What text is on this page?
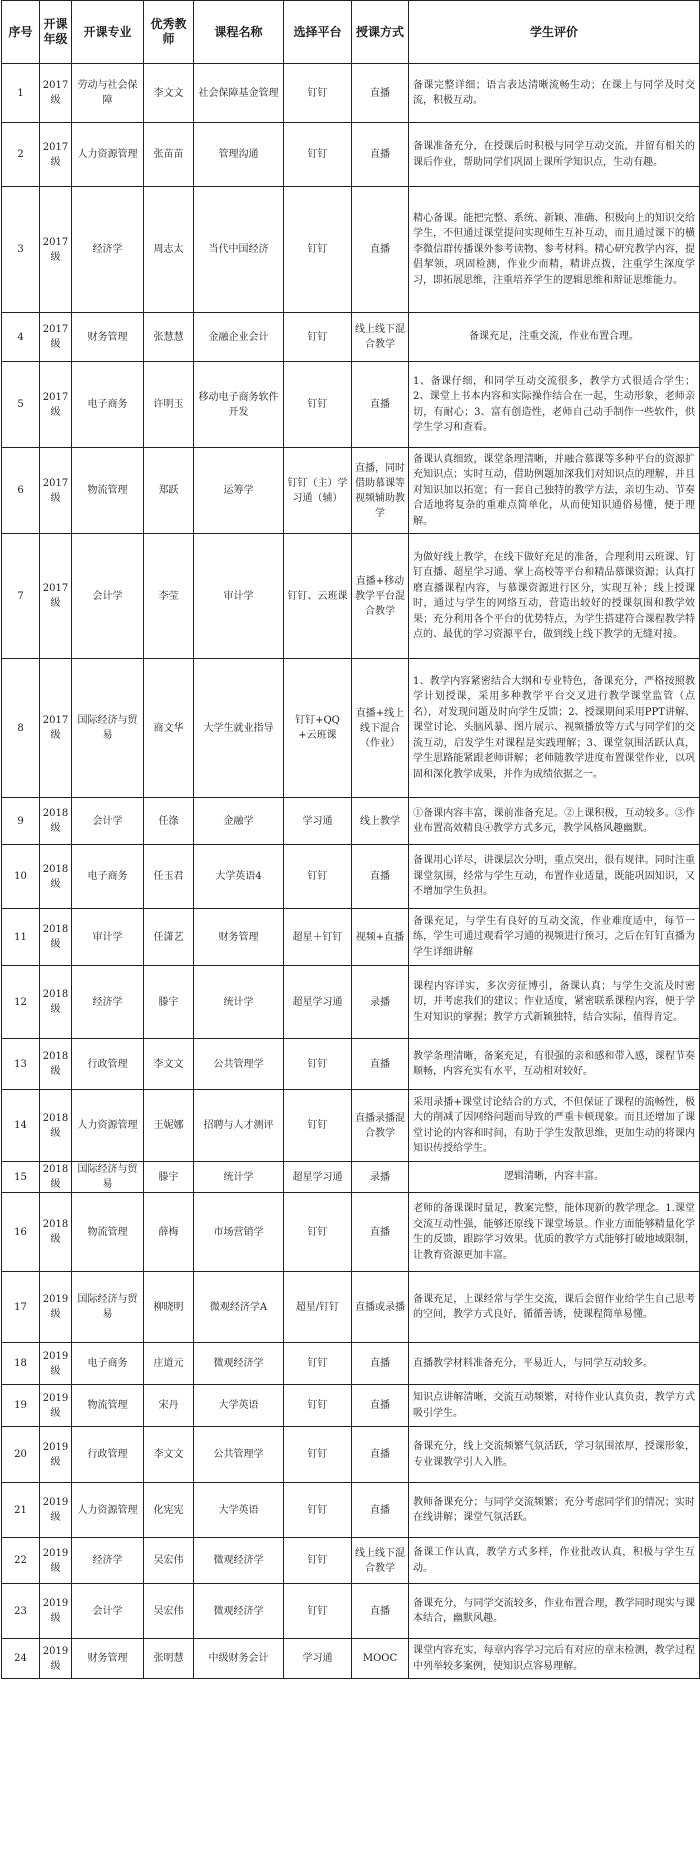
序号	开课年级	开课专业	优秀教师	课程名称	选择平台	授课方式	学生评价
1	2017级	劳动与社会保障	李文文	社会保障基金管理	钉钉	直播	备课完整详细；语言表达清晰流畅生动；在课上与同学及时交流，积极互动。
2	2017级	人力资源管理	张苗苗	管理沟通	钉钉	直播	备课准备充分，在授课后时积极与同学互动交流，并留有相关的课后作业，帮助同学们巩固上课所学知识点，生动有趣。
3	2017级	经济学	周志太	当代中国经济	钉钉	直播	精心备课。能把完整、系统、新颖、准确、积极向上的知识交给学生，不但通过课堂提问实现师生互补互动，而且通过课下的横李微信群传播课外参考读物、参考材料。精心研究教学内容，提倡挈领，巩固检测，作业少而精，精讲点拨，注重学生深度学习，即拓展思维，注重培养学生的逻辑思维和辩证思维能力。
4	2017级	财务管理	张慧慧	金融企业会计	钉钉	线上线下混合教学	备课充足，注重交流，作业布置合理。
5	2017级	电子商务	许明玉	移动电子商务软件开发	钉钉	直播	1、备课仔细，和同学互动交流很多，教学方式很适合学生；2、课堂上书本内容和实际操作结合在一起，生动形象，老师亲切，有耐心；3、富有创造性，老师自己动手制作一些软件，供学生学习和查看。
6	2017级	物流管理	郑跃	运筹学	钉钉（主）学习通（辅）	直播，同时借助慕课等视频辅助教学	备课认真细致，课堂条理清晰，并融合慕课等多种平台的资源扩充知识点；实时互动，借助例题加深我们对知识点的理解，并且对知识加以拓宽；有一套自己独特的教学方法，亲切生动、节奏合适地将复杂的重难点简单化，从而使知识通俗易懂，便于理解。
7	2017级	会计学	李莹	审计学	钉钉、云班课	直播+移动教学平台混合教学	为做好线上教学，在线下做好充足的准备，合理利用云班课、钉钉直播、超星学习通、掌上高校等平台和精品慕课资源；认真打磨直播课程内容，与慕课资源进行区分，实现互补；线上授课时，通过与学生的网络互动，营造出较好的授课氛围和教学效果；充分利用各个平台的优势特点，为学生搭建符合课程教学特点的、最优的学习资源平台，做到线上线下教学的无缝对接。
8	2017级	国际经济与贸易	商文华	大学生就业指导	钉钉+QQ+云班课	直播+线上线下混合（作业）	1、教学内容紧密结合大纲和专业特色，备课充分，严格按照教学计划授课，采用多种教学平台交叉进行教学课堂监管（点名），对发现问题及时向学生反馈；2、授课期间采用PPT讲解、课堂讨论、头脑风暴、图片展示、视频播放等方式与同学们的交流互动，启发学生对课程是实践理解；3、课堂氛围活跃认真，学生思路能紧跟老师讲解；老师随教学进度布置课堂作业，以巩固和深化教学成果，并作为成绩依据之一。
9	2018级	会计学	任涤	金融学	学习通	线上教学	①备课内容丰富，课前准备充足。②上课积极，互动较多。③作业布置高效精良④教学方式多元，教学风格风趣幽默。
10	2018级	电子商务	任玉君	大学英语4	钉钉	直播	备课用心详尽，讲课层次分明，重点突出，很有规律。同时注重课堂氛围，经常与学生互动，布置作业适量，既能巩固知识，又不增加学生负担。
11	2018级	审计学	任潇艺	财务管理	超星＋钉钉	视频+直播	备课充足，与学生有良好的互动交流，作业难度适中，每节一练，学生可通过观看学习通的视频进行预习，之后在钉钉直播为学生详细讲解
12	2018级	经济学	滕宇	统计学	超星学习通	录播	课程内容详实，多次旁征博引，备课认真；与学生交流及时密切，并考虑我们的建议；作业适度，紧密联系课程内容，便于学生对知识的掌握；教学方式新颖独特，结合实际，值得肯定。
13	2018级	行政管理	李文文	公共管理学	钉钉	直播	教学条理清晰，备案充足，有很强的亲和感和带入感，课程节奏顺畅，内容充实有水平，互动相对较好。
14	2018级	人力资源管理	王妮娜	招聘与人才测评	钉钉	直播录播混合教学	采用录播+课堂讨论结合的方式，不但保证了课程的流畅性，极大的削减了因网络问题而导致的严重卡顿现象。而且还增加了课堂讨论的内容和时间，有助于学生发散思维，更加生动的将课内知识传授给学生。
15	2018级	国际经济与贸易	滕宇	统计学	超星学习通	录播	逻辑清晰，内容丰富。
16	2018级	物流管理	薛梅	市场营销学	钉钉	直播	老师的备课课时量足，教案完整，能体现新的教学理念。1.课堂交流互动性强，能够还原线下课堂场景。作业方面能够精量化学生的反馈，跟踪学习效果。优质的教学方式能够打破地域限制，让教育资源更加丰富。
17	2019级	国际经济与贸易	柳晓明	微观经济学A	超星/钉钉	直播或录播	备课充足，上课经常与学生交流，课后会留作业给学生自己思考的空间，教学方式良好，循循善诱，使课程简单易懂。
18	2019级	电子商务	庄道元	微观经济学	钉钉	直播	直播教学材料准备充分，平易近人，与同学互动较多。
19	2019级	物流管理	宋丹	大学英语	钉钉	直播	知识点讲解清晰，交流互动频繁，对待作业认真负责，教学方式吸引学生。
20	2019级	行政管理	李文文	公共管理学	钉钉	直播	备课充分，线上交流频繁气氛活跃，学习氛围浓厚，授课形象，专业课教学引人入胜。
21	2019级	人力资源管理	化宪宪	大学英语	钉钉	直播	教师备课充分；与同学交流频繁；充分考虑同学们的情况；实时在线讲解；课堂气氛活跃。
22	2019级	经济学	吴宏伟	微观经济学	钉钉	线上线下混合教学	备课工作认真，教学方式多样，作业批改认真，积极与学生互动。
23	2019级	会计学	吴宏伟	微观经济学	钉钉	直播	备课充分，与同学交流较多，作业布置合理，教学同时现实与课本结合，幽默风趣。
24	2019级	财务管理	张明慧	中级财务会计	学习通	MOOC	课堂内容充实，每章内容学习完后有对应的章末检测，教学过程中列举较多案例，使知识点容易理解。
